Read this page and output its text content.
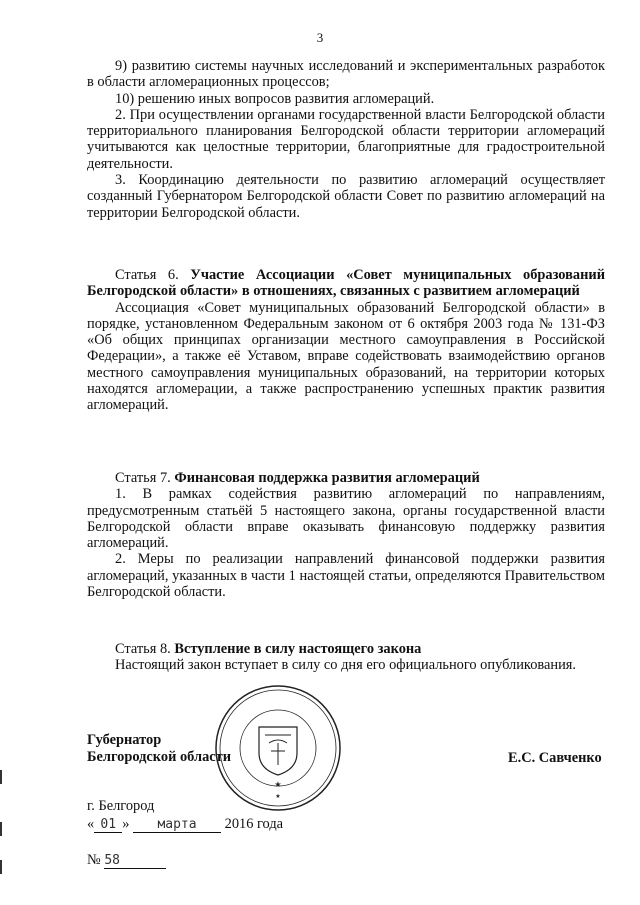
3

9) развитию системы научных исследований и экспериментальных разработок в области агломерационных процессов;

10) решению иных вопросов развития агломераций.

2. При осуществлении органами государственной власти Белгородской области территориального планирования Белгородской области территории агломераций учитываются как целостные территории, благоприятные для градостроительной деятельности.

3. Координацию деятельности по развитию агломераций осуществляет созданный Губернатором Белгородской области Совет по развитию агломераций на территории Белгородской области.

Статья 6. Участие Ассоциации «Совет муниципальных образований Белгородской области» в отношениях, связанных с развитием агломераций

Ассоциация «Совет муниципальных образований Белгородской области» в порядке, установленном Федеральным законом от 6 октября 2003 года № 131-ФЗ «Об общих принципах организации местного самоуправления в Российской Федерации», а также её Уставом, вправе содействовать взаимодействию органов местного самоуправления муниципальных образований, на территории которых находятся агломерации, а также распространению успешных практик развития агломераций.

Статья 7. Финансовая поддержка развития агломераций

1. В рамках содействия развитию агломераций по направлениям, предусмотренным статьёй 5 настоящего закона, органы государственной власти Белгородской области вправе оказывать финансовую поддержку развития агломераций.

2. Меры по реализации направлений финансовой поддержки развития агломераций, указанных в части 1 настоящей статьи, определяются Правительством Белгородской области.

Статья 8. Вступление в силу настоящего закона

Настоящий закон вступает в силу со дня его официального опубликования.

Губернатор
Белгородской области
★
★
Е.С. Савченко
г. Белгород
« 01 » марта 2016 года
№ 58
